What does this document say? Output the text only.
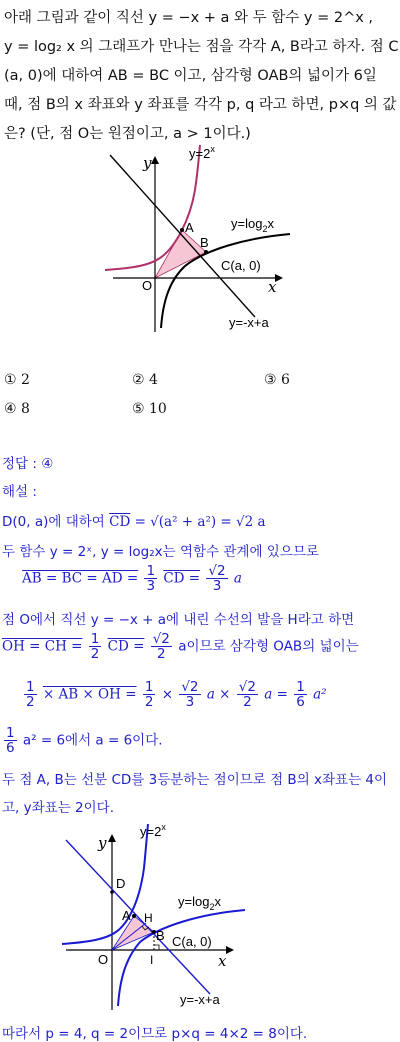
아래 그림과 같이 직선 y = −x + a 와 두 함수 y = 2^x ,
y = log₂ x 의 그래프가 만나는 점을 각각 A, B라고 하자. 점 C
(a, 0)에 대하여 AB = BC 이고, 삼각형 OAB의 넓이가 6일
때, 점 B의 x 좌표와 y 좌표를 각각 p, q 라고 하면, p×q 의 값
은? (단, 점 O는 원점이고, a > 1이다.)
$y=2^x$
$y=\log_2x$
y=-x+a
A
B
C(a, 0)
O	x
y
① 2	② 4	③ 6
④ 8	⑤ 10
정답 : ④
해설 :
D(0, a)에 대하여 $\overline{CD} = √(a^2 + a^2) = √2$ a
두 함수 y = 2ˣ, y = log₂x는 역함수 관계에 있으므로
AB = BC = AD = $\frac{1}{3}$ CD = $\frac{√2}{3}$ a
점 O에서 직선 y = −x + a에 내린 수선의 발을 H라고 하면
OH = CH = $\frac{1}{2}$ CD = $\frac{√2}{2}$ a이므로 삼각형 OAB의 넓이는
$\frac{1}{2}$ × AB × OH = $\frac{1}{2} \times \frac{√2}{3}$ $a \times \frac{√2}{2}$ $a = \frac{1}{6} a^2$
$\frac{1}{6} a^2 = 6$에서 a = 6이다.
두 점 A, B는 선분 CD를 3등분하는 점이므로 점 B의 x좌표는 4이
고, y좌표는 2이다.
따라서 p = 4, q = 2이므로 p×q = 4×2 = 8이다.
$y=2^x$
$y=\log_2x$
y=-x+a
A
B
H
D
I
C(a, 0)
O	x
y
